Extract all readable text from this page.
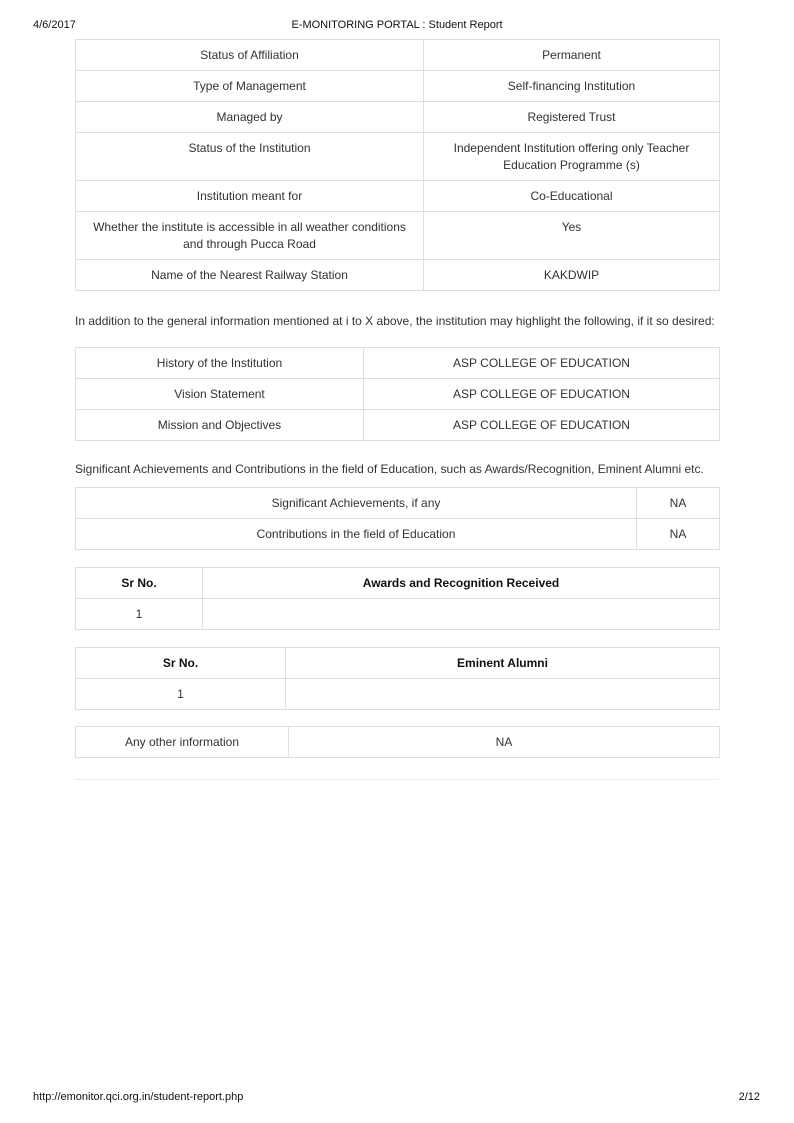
4/6/2017	E-MONITORING PORTAL : Student Report
Status of Affiliation	Permanent
Type of Management	Self-financing Institution
Managed by	Registered Trust
Status of the Institution	Independent Institution offering only Teacher Education Programme (s)
Institution meant for	Co-Educational
Whether the institute is accessible in all weather conditions and through Pucca Road	Yes
Name of the Nearest Railway Station	KAKDWIP
In addition to the general information mentioned at i to X above, the institution may highlight the following, if it so desired:
History of the Institution	ASP COLLEGE OF EDUCATION
Vision Statement	ASP COLLEGE OF EDUCATION
Mission and Objectives	ASP COLLEGE OF EDUCATION
Significant Achievements and Contributions in the field of Education, such as Awards/Recognition, Eminent Alumni etc.
Significant Achievements, if any	NA
Contributions in the field of Education	NA
Sr No.	Awards and Recognition Received
1	
Sr No.	Eminent Alumni
1	
Any other information	NA
http://emonitor.qci.org.in/student-report.php	2/12
